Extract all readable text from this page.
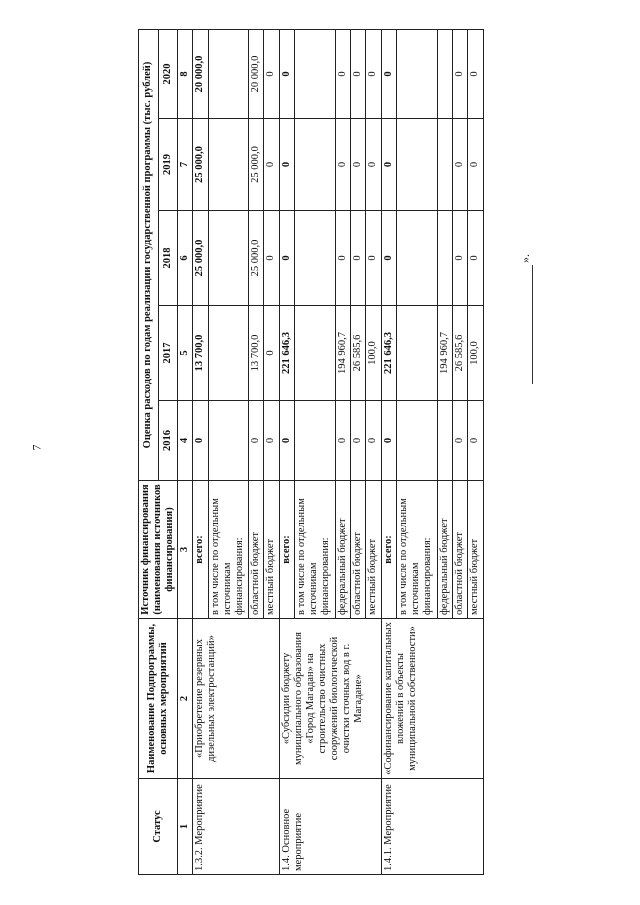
7
».
Статус	Наименование Подпрограммы, основных мероприятий	Источник финансирования (наименования источников финансирования)	Оценка расходов по годам реализации государственной программы (тыс. рублей)				
			2016	2017	2018	2019	2020
1	2	3	4	5	6	7	8
1.3.2. Мероприятие	«Приобретение резервных дизельных электростанций»	всего:	0	13 700,0	25 000,0	25 000,0	20 000,0
		в том числе по отдельным источникам финансирования:					
		областной бюджет	0	13 700,0	25 000,0	25 000,0	20 000,0
		местный бюджет	0	0	0	0	0
1.4. Основное мероприятие	«Субсидии бюджету муниципального образования «Город Магадан» на строительство очистных сооружений биологической очистки сточных вод в г. Магадане»	всего:	0	221 646,3	0	0	0
		в том числе по отдельным источникам финансирования:					
		федеральный бюджет	0	194 960,7	0	0	0
		областной бюджет	0	26 585,6	0	0	0
		местный бюджет	0	100,0	0	0	0
1.4.1. Мероприятие	«Софинансирование капитальных вложений в объекты муниципальной собственности»	всего:	0	221 646,3	0	0	0
		в том числе по отдельным источникам финансирования:					
		федеральный бюджет		194 960,7			
		областной бюджет	0	26 585,6	0	0	0
		местный бюджет	0	100,0	0	0	0
